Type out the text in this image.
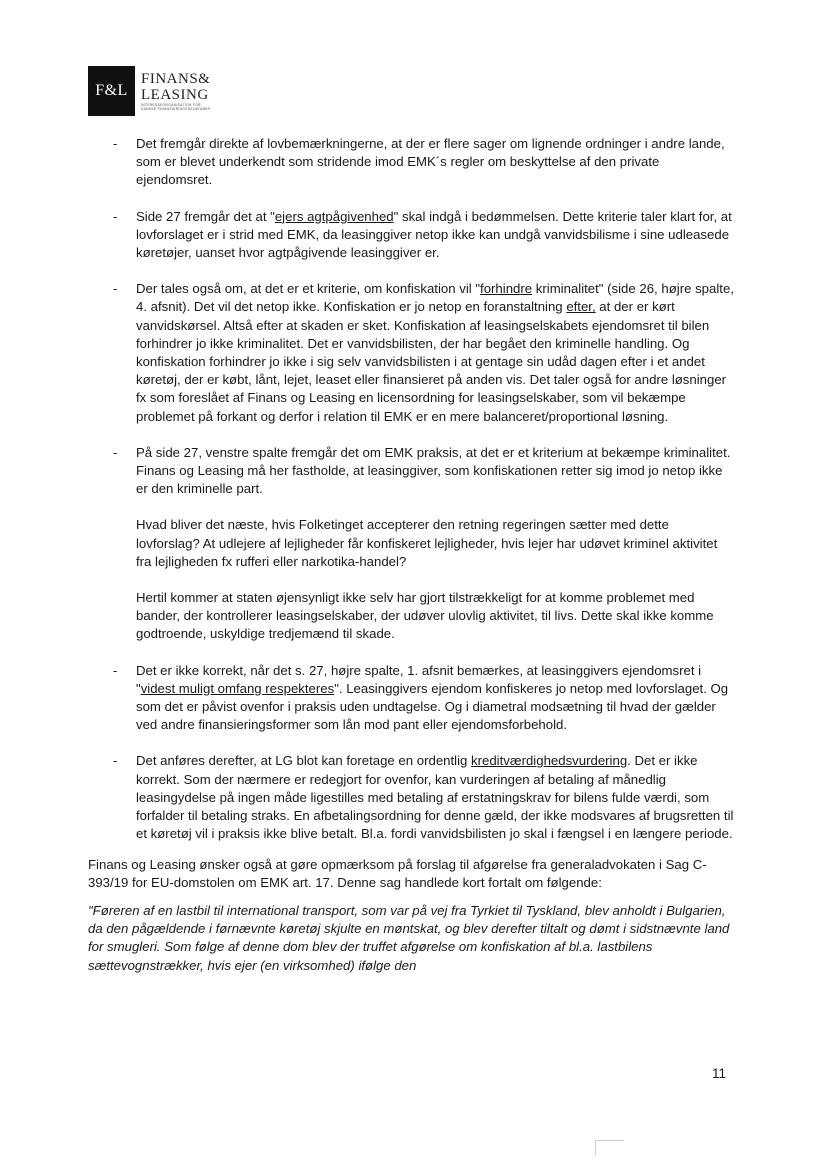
F&L
FINANS&
LEASING
INTERESSEORGANISATION FOR
DANSKE FINANSIERINGSSELSKABER
- Det fremgår direkte af lovbemærkningerne, at der er flere sager om lignende ordninger i andre lande, som er blevet underkendt som stridende imod EMK´s regler om beskyttelse af den private ejendomsret.
- Side 27 fremgår det at "ejers agtpågivenhed" skal indgå i bedømmelsen. Dette kriterie taler klart for, at lovforslaget er i strid med EMK, da leasinggiver netop ikke kan undgå vanvidsbilisme i sine udleasede køretøjer, uanset hvor agtpågivende leasinggiver er.
- Der tales også om, at det er et kriterie, om konfiskation vil "forhindre kriminalitet" (side 26, højre spalte, 4. afsnit). Det vil det netop ikke. Konfiskation er jo netop en foranstaltning efter, at der er kørt vanvidskørsel. Altså efter at skaden er sket. Konfiskation af leasingselskabets ejendomsret til bilen forhindrer jo ikke kriminalitet. Det er vanvidsbilisten, der har begået den kriminelle handling. Og konfiskation forhindrer jo ikke i sig selv vanvidsbilisten i at gentage sin udåd dagen efter i et andet køretøj, der er købt, lånt, lejet, leaset eller finansieret på anden vis. Det taler også for andre løsninger fx som foreslået af Finans og Leasing en licensordning for leasingselskaber, som vil bekæmpe problemet på forkant og derfor i relation til EMK er en mere balanceret/proportional løsning.
- På side 27, venstre spalte fremgår det om EMK praksis, at det er et kriterium at bekæmpe kriminalitet. Finans og Leasing må her fastholde, at leasinggiver, som konfiskationen retter sig imod jo netop ikke er den kriminelle part.

Hvad bliver det næste, hvis Folketinget accepterer den retning regeringen sætter med dette lovforslag? At udlejere af lejligheder får konfiskeret lejligheder, hvis lejer har udøvet kriminel aktivitet fra lejligheden fx rufferi eller narkotika-handel?

Hertil kommer at staten øjensynligt ikke selv har gjort tilstrækkeligt for at komme problemet med bander, der kontrollerer leasingselskaber, der udøver ulovlig aktivitet, til livs. Dette skal ikke komme godtroende, uskyldige tredjemænd til skade.

- Det er ikke korrekt, når det s. 27, højre spalte, 1. afsnit bemærkes, at leasinggivers ejendomsret i "videst muligt omfang respekteres". Leasinggivers ejendom konfiskeres jo netop med lovforslaget. Og som det er påvist ovenfor i praksis uden undtagelse. Og i diametral modsætning til hvad der gælder ved andre finansieringsformer som lån mod pant eller ejendomsforbehold.
- Det anføres derefter, at LG blot kan foretage en ordentlig kreditværdighedsvurdering. Det er ikke korrekt. Som der nærmere er redegjort for ovenfor, kan vurderingen af betaling af månedlig leasingydelse på ingen måde ligestilles med betaling af erstatningskrav for bilens fulde værdi, som forfalder til betaling straks. En afbetalingsordning for denne gæld, der ikke modsvares af brugsretten til et køretøj vil i praksis ikke blive betalt. Bl.a. fordi vanvidsbilisten jo skal i fængsel i en længere periode.

Finans og Leasing ønsker også at gøre opmærksom på forslag til afgørelse fra generaladvokaten i Sag C-393/19 for EU-domstolen om EMK art. 17. Denne sag handlede kort fortalt om følgende:

"Føreren af en lastbil til international transport, som var på vej fra Tyrkiet til Tyskland, blev anholdt i Bulgarien, da den pågældende i førnævnte køretøj skjulte en møntskat, og blev derefter tiltalt og dømt i sidstnævnte land for smugleri. Som følge af denne dom blev der truffet afgørelse om konfiskation af bl.a. lastbilens sættevognstrækker, hvis ejer (en virksomhed) ifølge den

11
